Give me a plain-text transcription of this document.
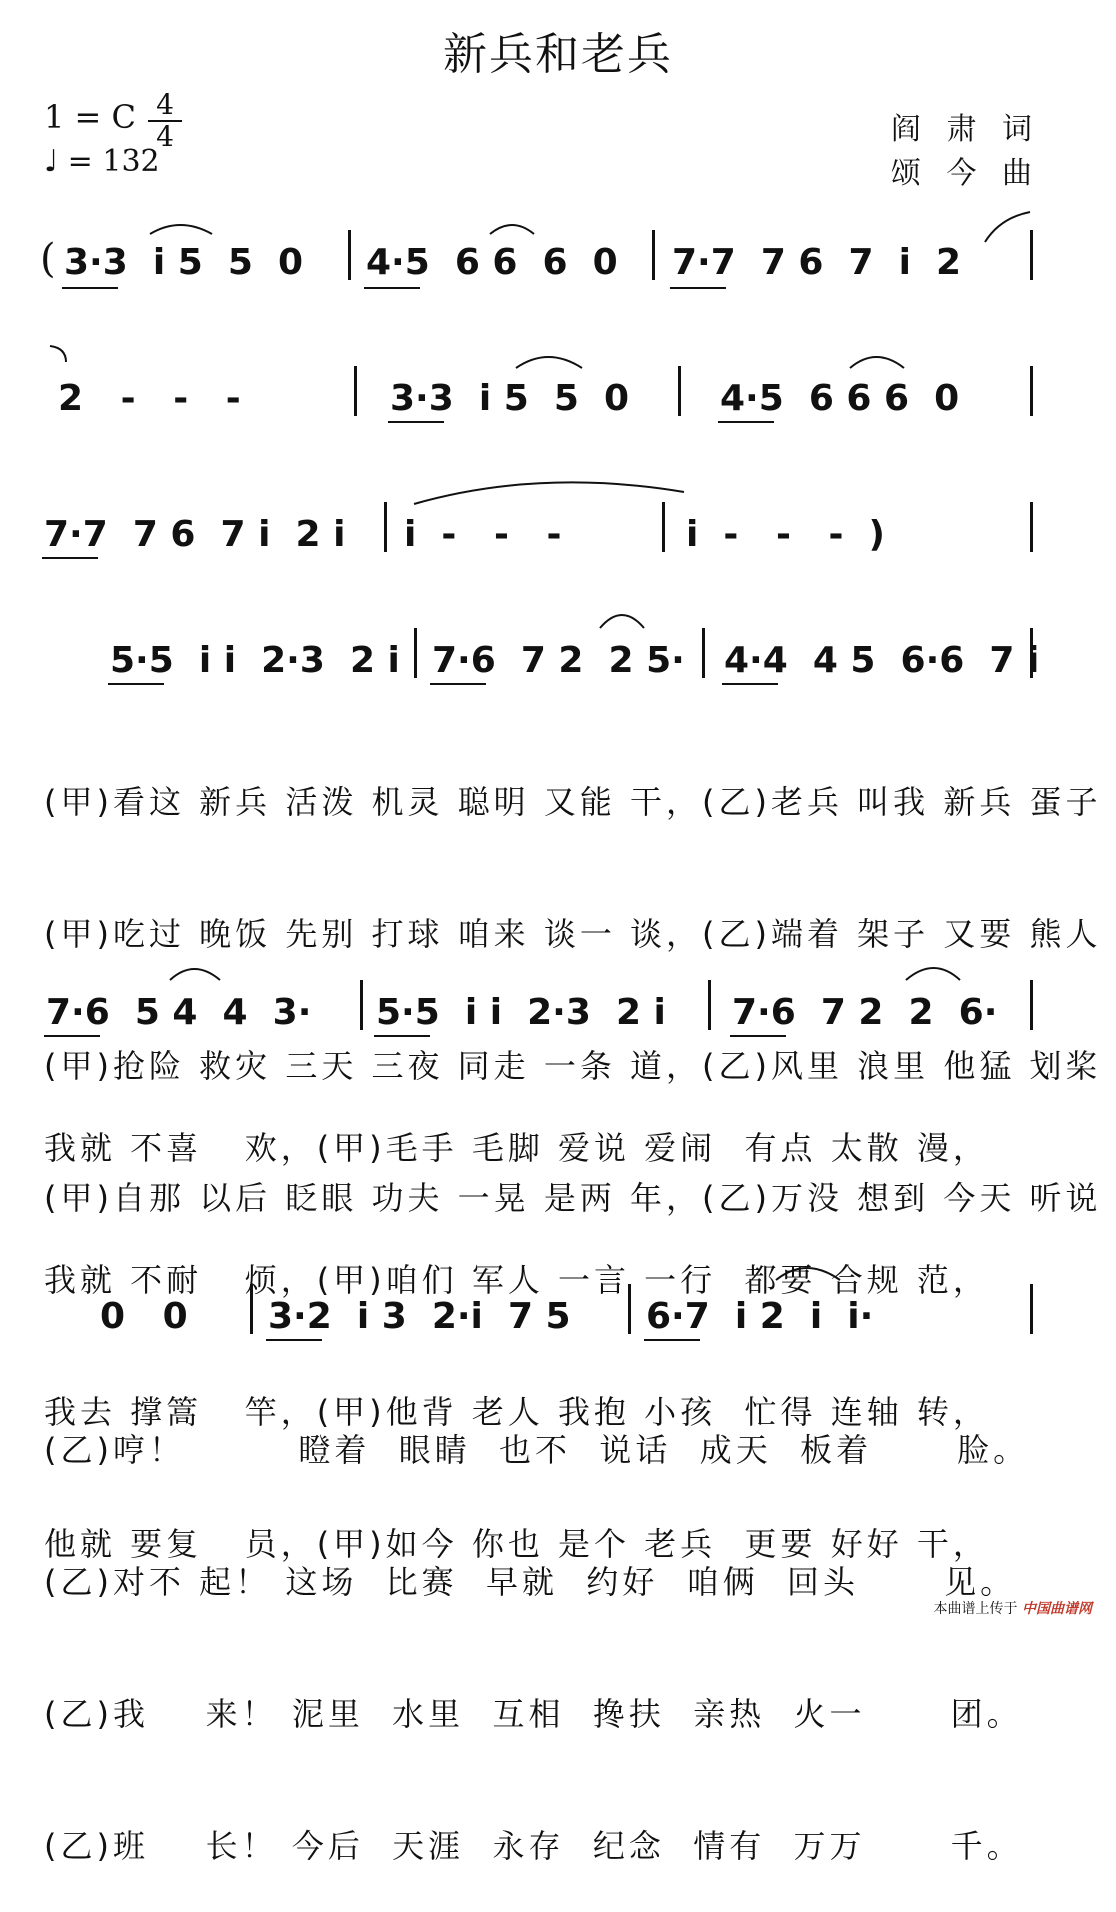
新兵和老兵
1 = C 4
4
♩ = 132
阎 肃 词
颂 今 曲
( 3·3  i 5  5  0 4·5  6 6  6  0 7·7  7 6  7  i  2
2   -   -   -	3·3  i 5  5  0	4·5  6 6 6  0
7·7  7 6  7 i  2 i i  -   -   -	i  -   -   -  )
5·5  i i  2·3  2 i 7·6  7 2  2 5· 4·4  4 5  6·6  7 i

(甲)看这 新兵 活泼 机灵 聪明 又能 干，(乙)老兵 叫我 新兵 蛋子

(甲)吃过 晚饭 先别 打球 咱来 谈一 谈，(乙)端着 架子 又要 熊人

(甲)抢险 救灾 三天 三夜 同走 一条 道，(乙)风里 浪里 他猛 划桨

(甲)自那 以后 眨眼 功夫 一晃 是两 年，(乙)万没 想到 今天 听说

7·6  5 4  4  3· 5·5  i i  2·3  2 i 7·6  7 2  2  6·

我就 不喜   欢，(甲)毛手 毛脚 爱说 爱闹  有点 太散 漫，

我就 不耐   烦，(甲)咱们 军人 一言 一行  都要 合规 范，

我去 撑篙   竿，(甲)他背 老人 我抱 小孩  忙得 连轴 转，

他就 要复   员，(甲)如今 你也 是个 老兵  更要 好好 干，

0   0 3·2  i 3  2·i  7 5 6·7  i 2  i  i·

(乙)哼！        瞪着  眼睛  也不  说话  成天  板着      脸。

(乙)对不 起！ 这场  比赛  早就  约好  咱俩  回头      见。

(乙)我    来！ 泥里  水里  互相  搀扶  亲热  火一      团。

(乙)班    长！ 今后  天涯  永存  纪念  情有  万万      千。

本曲谱上传于 中国曲谱网
